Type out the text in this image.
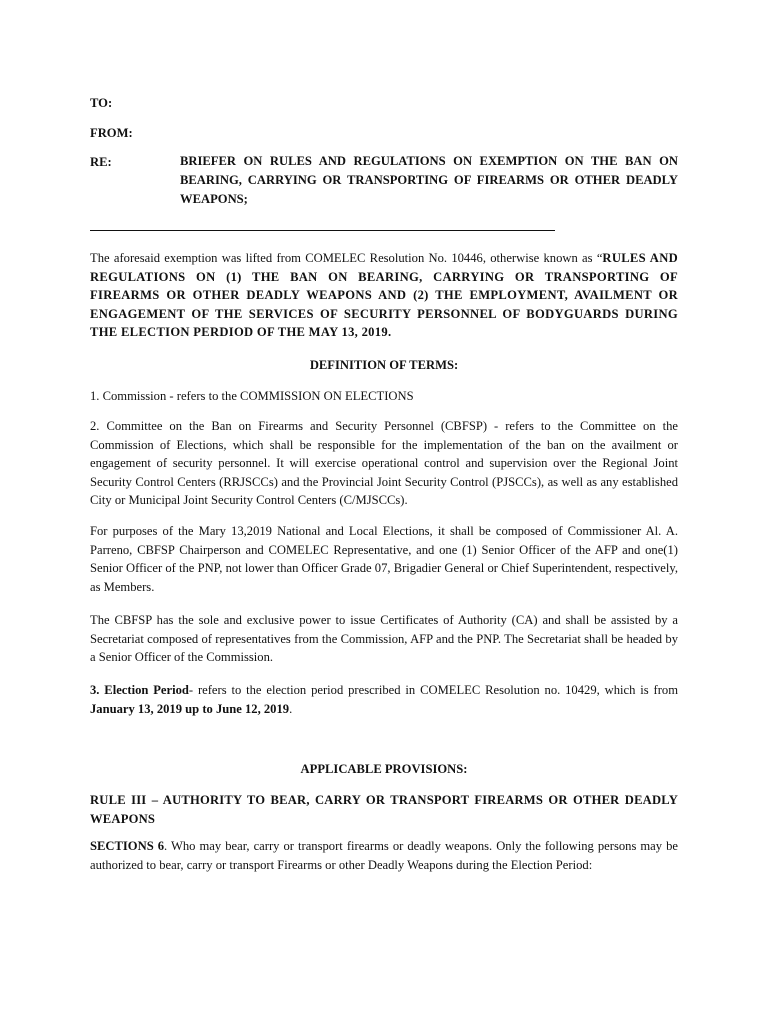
TO:
FROM:
RE:	BRIEFER ON RULES AND REGULATIONS ON EXEMPTION ON THE BAN ON BEARING, CARRYING OR TRANSPORTING OF FIREARMS OR OTHER DEADLY WEAPONS;
The aforesaid exemption was lifted from COMELEC Resolution No. 10446, otherwise known as “RULES AND REGULATIONS ON (1) THE BAN ON BEARING, CARRYING OR TRANSPORTING OF FIREARMS OR OTHER DEADLY WEAPONS AND (2) THE EMPLOYMENT, AVAILMENT OR ENGAGEMENT OF THE SERVICES OF SECURITY PERSONNEL OF BODYGUARDS DURING THE ELECTION PERDIOD OF THE MAY 13, 2019.
DEFINITION OF TERMS:
1. Commission - refers to the COMMISSION ON ELECTIONS
2. Committee on the Ban on Firearms and Security Personnel (CBFSP) - refers to the Committee on the Commission of Elections, which shall be responsible for the implementation of the ban on the availment or engagement of security personnel. It will exercise operational control and supervision over the Regional Joint Security Control Centers (RRJSCCs) and the Provincial Joint Security Control (PJSCCs), as well as any established City or Municipal Joint Security Control Centers (C/MJSCCs).
For purposes of the Mary 13,2019 National and Local Elections, it shall be composed of Commissioner Al. A. Parreno, CBFSP Chairperson and COMELEC Representative, and one (1) Senior Officer of the AFP and one(1) Senior Officer of the PNP, not lower than Officer Grade 07, Brigadier General or Chief Superintendent, respectively, as Members.
The CBFSP has the sole and exclusive power to issue Certificates of Authority (CA) and shall be assisted by a Secretariat composed of representatives from the Commission, AFP and the PNP. The Secretariat shall be headed by a Senior Officer of the Commission.
3. Election Period- refers to the election period prescribed in COMELEC Resolution no. 10429, which is from January 13, 2019 up to June 12, 2019.
APPLICABLE PROVISIONS:
RULE III – AUTHORITY TO BEAR, CARRY OR TRANSPORT FIREARMS OR OTHER DEADLY WEAPONS
SECTIONS 6. Who may bear, carry or transport firearms or deadly weapons. Only the following persons may be authorized to bear, carry or transport Firearms or other Deadly Weapons during the Election Period:
